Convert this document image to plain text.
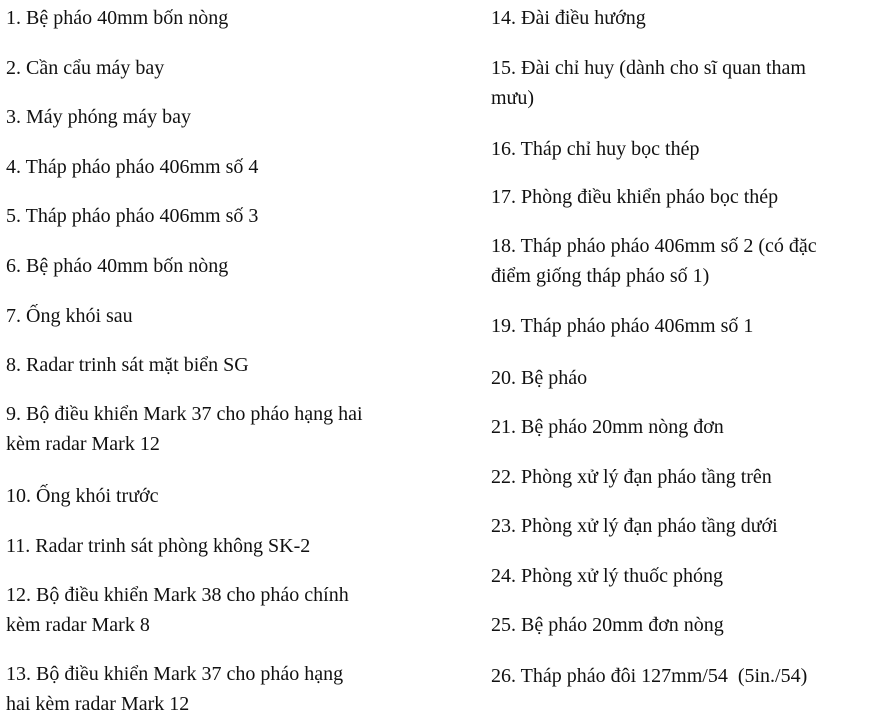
1. Bệ pháo 40mm bốn nòng

2. Cần cẩu máy bay

3. Máy phóng máy bay

4. Tháp pháo pháo 406mm số 4

5. Tháp pháo pháo 406mm số 3

6. Bệ pháo 40mm bốn nòng

7. Ống khói sau

8. Radar trinh sát mặt biển SG

9. Bộ điều khiển Mark 37 cho pháo hạng hai
kèm radar Mark 12

10. Ống khói trước

11. Radar trinh sát phòng không SK-2

12. Bộ điều khiển Mark 38 cho pháo chính
kèm radar Mark 8

13. Bộ điều khiển Mark 37 cho pháo hạng
hai kèm radar Mark 12

14. Đài điều hướng

15. Đài chỉ huy (dành cho sĩ quan tham
mưu)

16. Tháp chỉ huy bọc thép

17. Phòng điều khiển pháo bọc thép

18. Tháp pháo pháo 406mm số 2 (có đặc
điểm giống tháp pháo số 1)

19. Tháp pháo pháo 406mm số 1

20. Bệ pháo

21. Bệ pháo 20mm nòng đơn

22. Phòng xử lý đạn pháo tầng trên

23. Phòng xử lý đạn pháo tầng dưới

24. Phòng xử lý thuốc phóng

25. Bệ pháo 20mm đơn nòng

26. Tháp pháo đôi 127mm/54  (5in./54)
